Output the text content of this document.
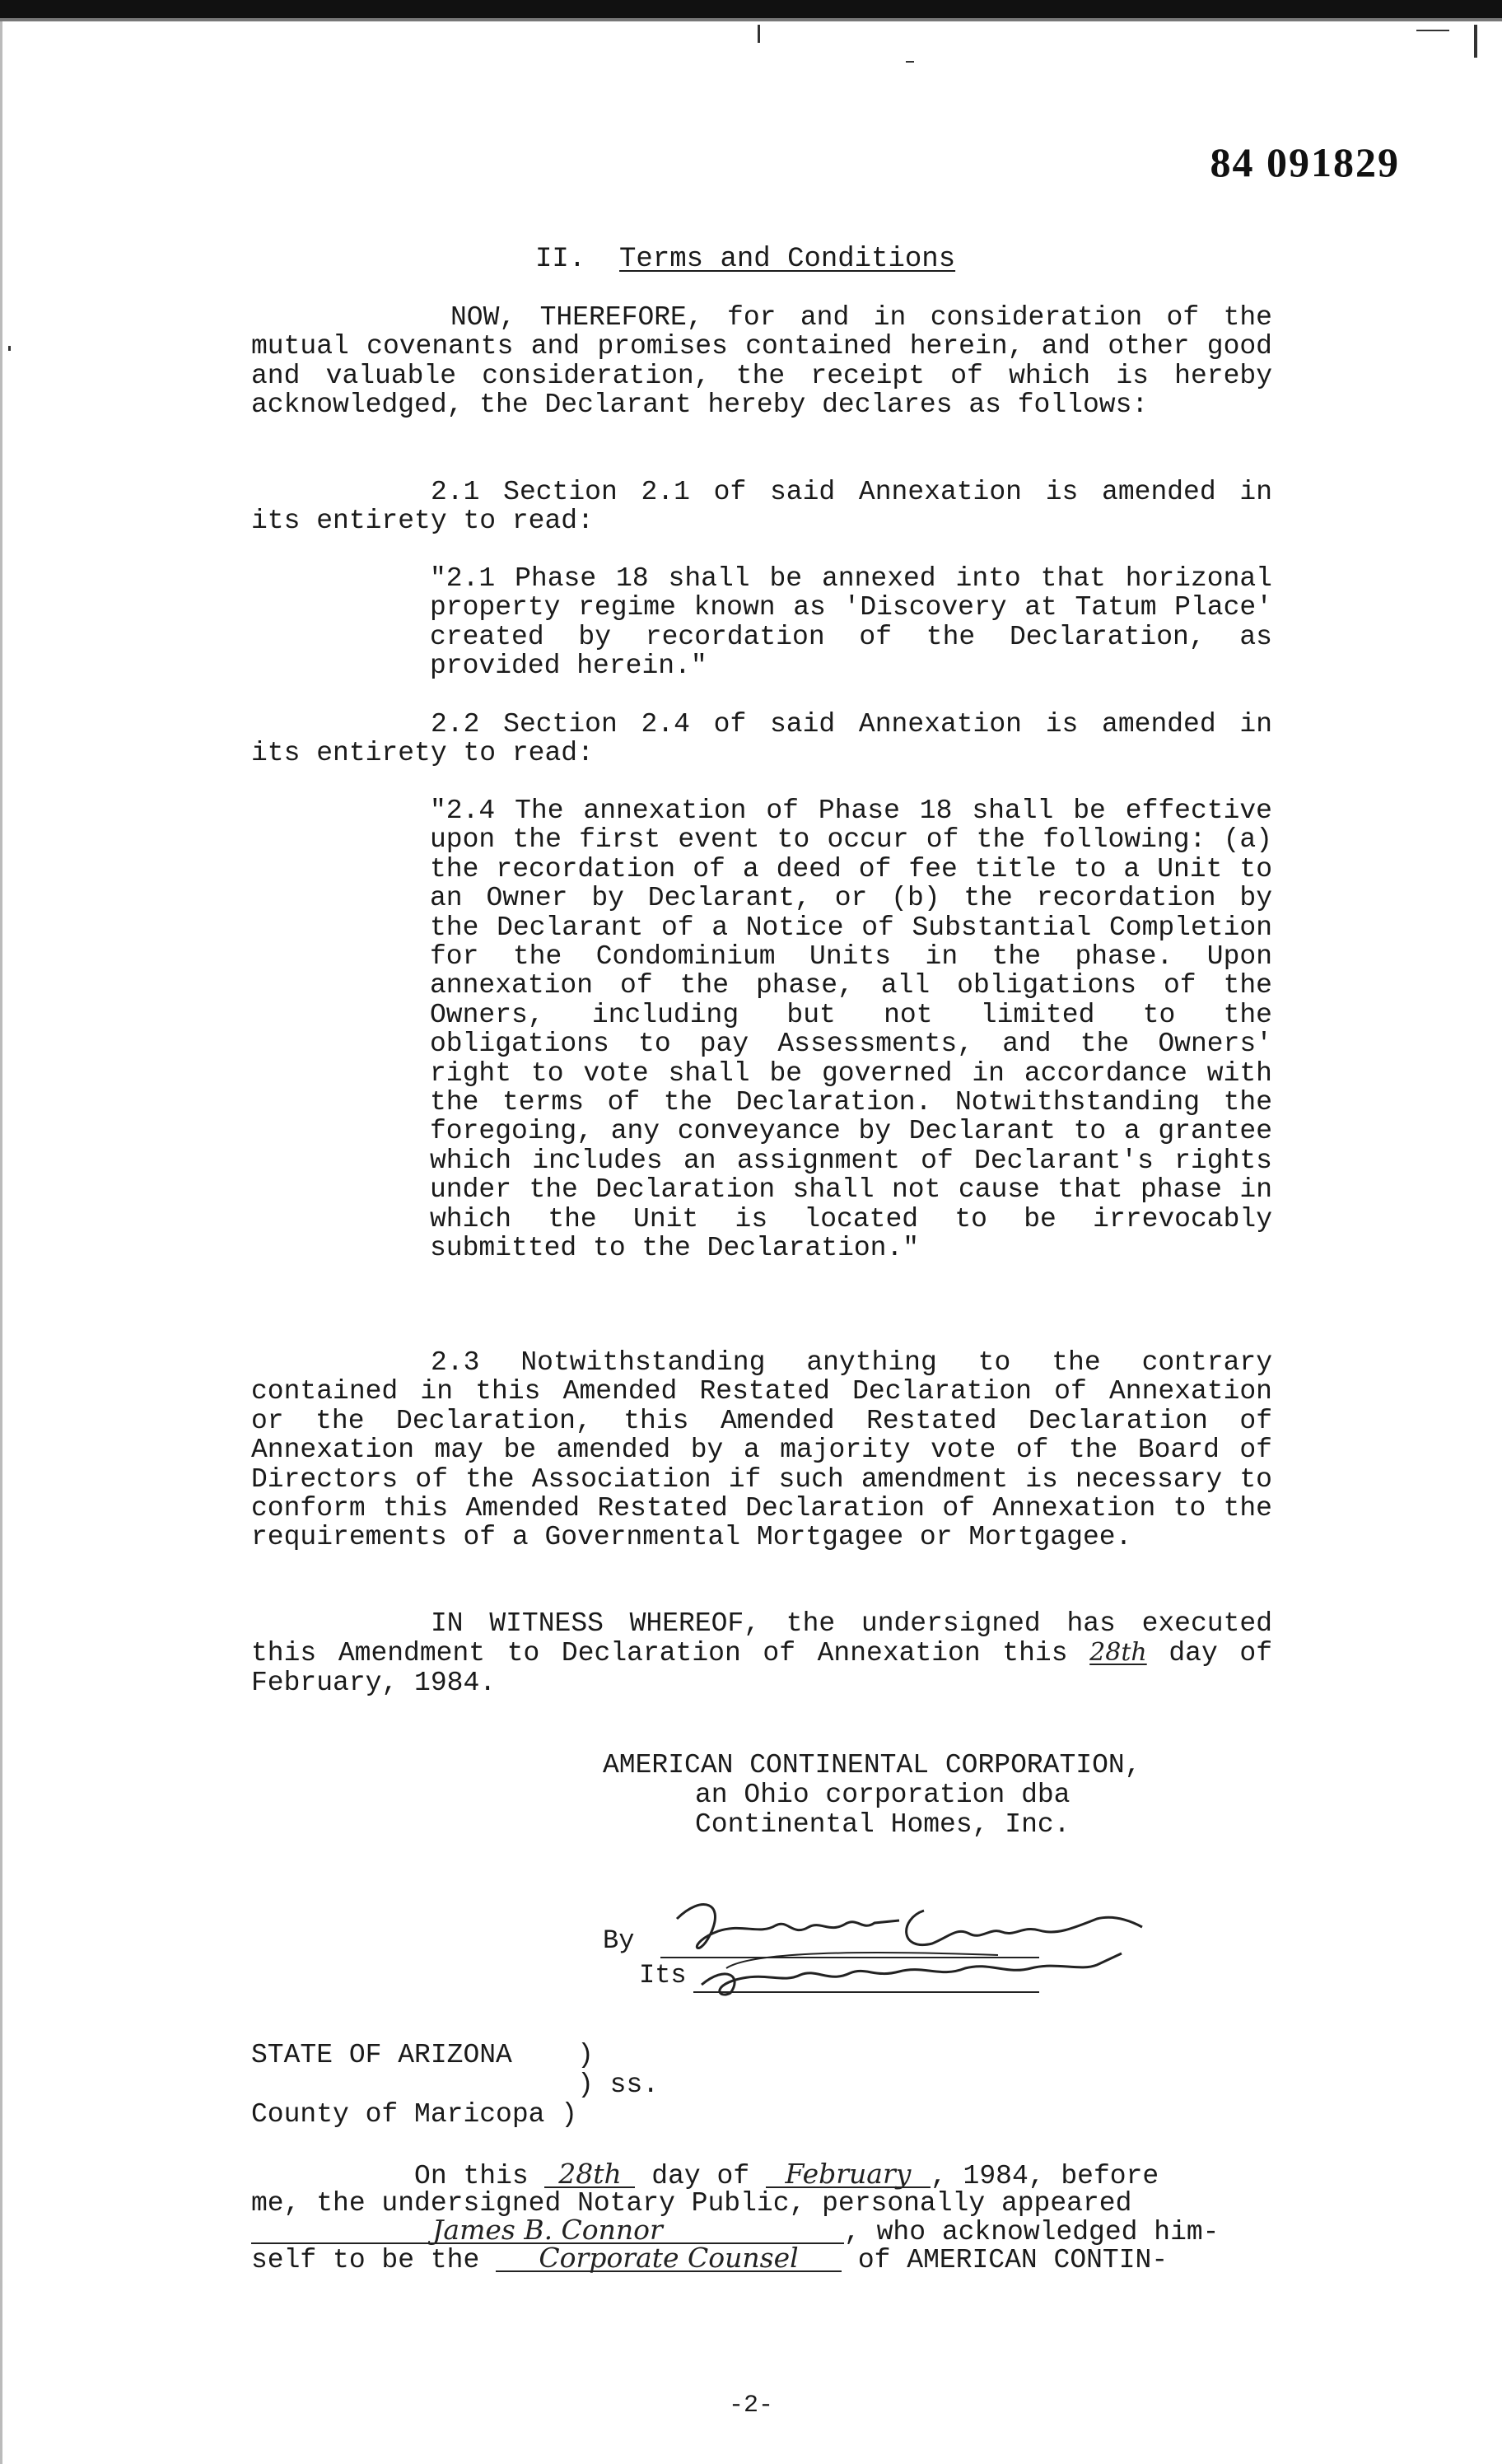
84 091829
II. Terms and Conditions
NOW, THEREFORE, for and in consideration of the mutual covenants and promises contained herein, and other good and valuable consideration, the receipt of which is hereby acknowledged, the Declarant hereby declares as follows:
2.1 Section 2.1 of said Annexation is amended in its entirety to read:
"2.1 Phase 18 shall be annexed into that horizonal property regime known as 'Discovery at Tatum Place' created by recordation of the Declaration, as provided herein."
2.2 Section 2.4 of said Annexation is amended in its entirety to read:
"2.4 The annexation of Phase 18 shall be effective upon the first event to occur of the following: (a) the recordation of a deed of fee title to a Unit to an Owner by Declarant, or (b) the recordation by the Declarant of a Notice of Substantial Completion for the Condominium Units in the phase. Upon annexation of the phase, all obligations of the Owners, including but not limited to the obligations to pay Assessments, and the Owners' right to vote shall be governed in accordance with the terms of the Declaration. Notwithstanding the foregoing, any conveyance by Declarant to a grantee which includes an assignment of Declarant's rights under the Declaration shall not cause that phase in which the Unit is located to be irrevocably submitted to the Declaration."
2.3 Notwithstanding anything to the contrary contained in this Amended Restated Declaration of Annexation or the Declaration, this Amended Restated Declaration of Annexation may be amended by a majority vote of the Board of Directors of the Association if such amendment is necessary to conform this Amended Restated Declaration of Annexation to the requirements of a Governmental Mortgagee or Mortgagee.
IN WITNESS WHEREOF, the undersigned has executed this Amendment to Declaration of Annexation this 28th day of February, 1984.
AMERICAN CONTINENTAL CORPORATION,
an Ohio corporation dba
Continental Homes, Inc.
By
Its
STATE OF ARIZONA )
) ss.
County of Maricopa )
On this 28th day of February , 1984, before
me, the undersigned Notary Public, personally appeared
James B. Connor	, who acknowledged him-
self to be the Corporate Counsel of AMERICAN CONTIN-
-2-
